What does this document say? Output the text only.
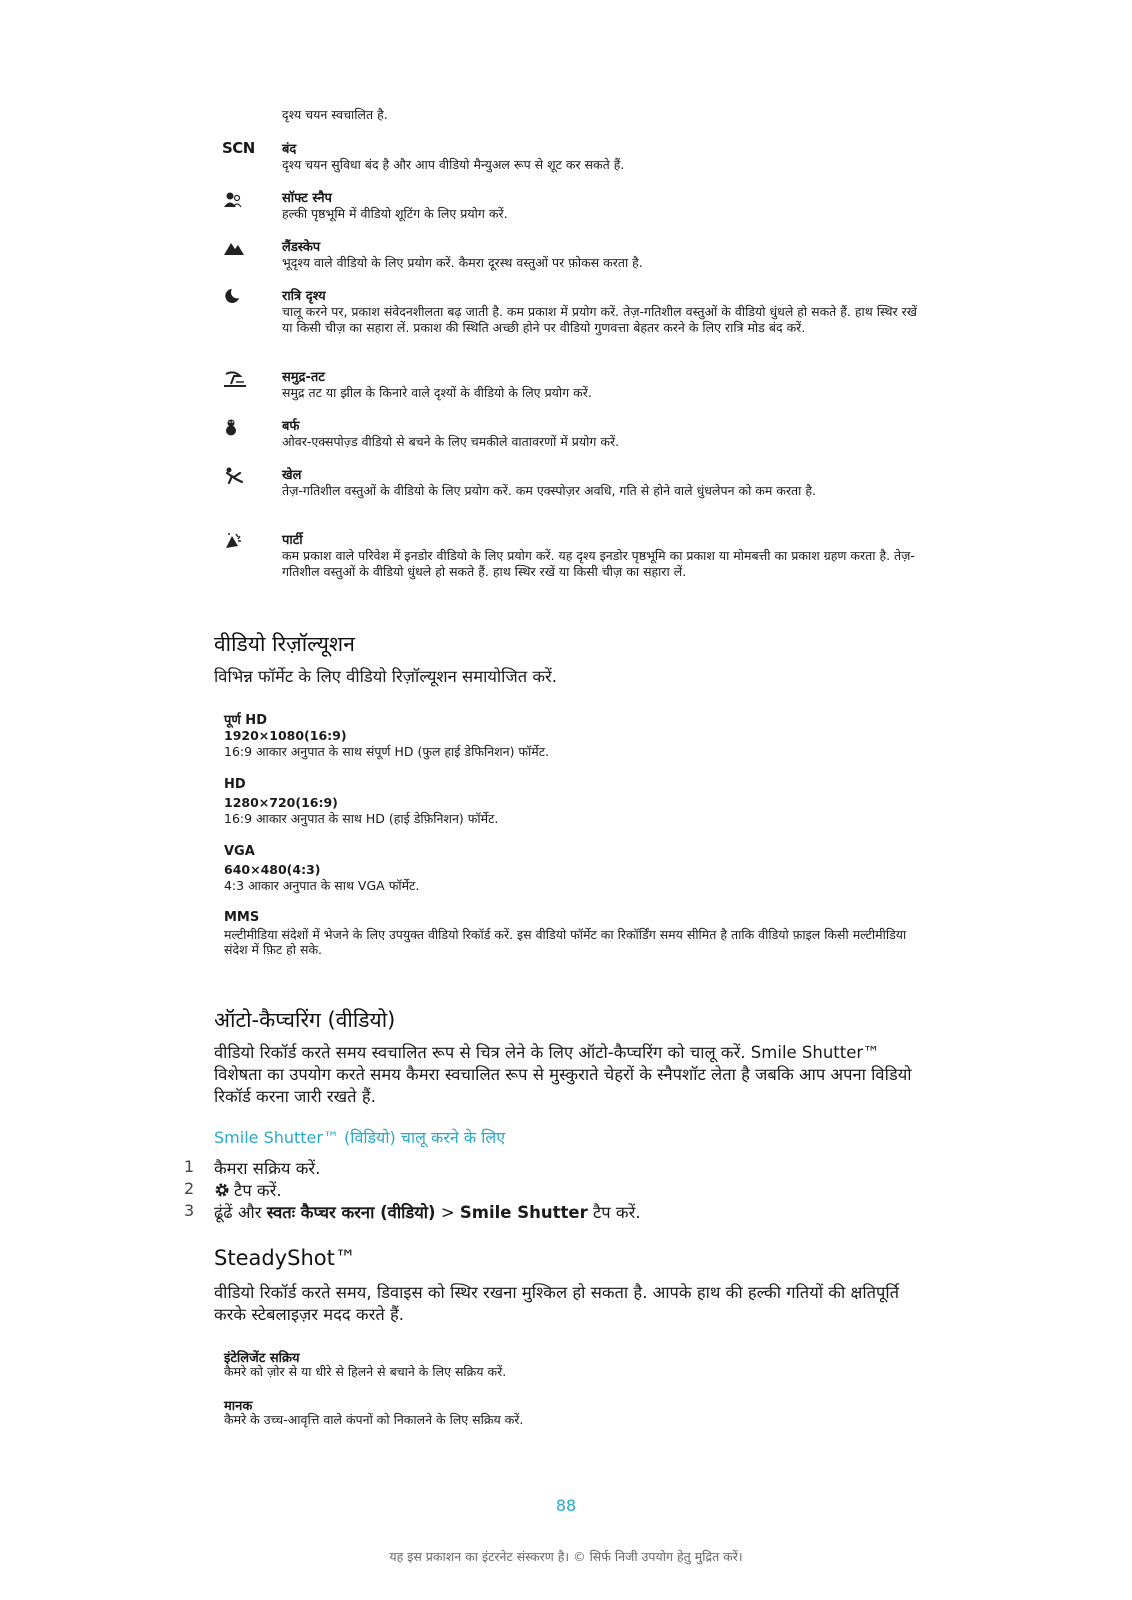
दृश्य चयन स्वचालित है.
SCN बंद
दृश्य चयन सुविधा बंद है और आप वीडियो मैन्युअल रूप से शूट कर सकते हैं.
सॉफ्ट स्नैप
हल्की पृष्ठभूमि में वीडियो शूटिंग के लिए प्रयोग करें.
लैंडस्केप
भूदृश्य वाले वीडियो के लिए प्रयोग करें. कैमरा दूरस्थ वस्तुओं पर फ़ोकस करता है.
रात्रि दृश्य
चालू करने पर, प्रकाश संवेदनशीलता बढ़ जाती है. कम प्रकाश में प्रयोग करें. तेज़-गतिशील वस्तुओं के वीडियो धुंधले हो सकते हैं. हाथ स्थिर रखें या किसी चीज़ का सहारा लें. प्रकाश की स्थिति अच्छी होने पर वीडियो गुणवत्ता बेहतर करने के लिए रात्रि मोड बंद करें.
समुद्र-तट
समुद्र तट या झील के किनारे वाले दृश्यों के वीडियो के लिए प्रयोग करें.
बर्फ
ओवर-एक्सपोज़्ड वीडियो से बचने के लिए चमकीले वातावरणों में प्रयोग करें.
खेल
तेज़-गतिशील वस्तुओं के वीडियो के लिए प्रयोग करें. कम एक्स्पोज़र अवधि, गति से होने वाले धुंधलेपन को कम करता है.
पार्टी
कम प्रकाश वाले परिवेश में इनडोर वीडियो के लिए प्रयोग करें. यह दृश्य इनडोर पृष्ठभूमि का प्रकाश या मोमबत्ती का प्रकाश ग्रहण करता है. तेज़-गतिशील वस्तुओं के वीडियो धुंधले हो सकते हैं. हाथ स्थिर रखें या किसी चीज़ का सहारा लें.
वीडियो रिज़ॉल्यूशन
विभिन्न फॉर्मेट के लिए वीडियो रिज़ॉल्यूशन समायोजित करें.
पूर्ण HD
1920×1080(16:9)
16:9 आकार अनुपात के साथ संपूर्ण HD (फुल हाई डेफिनिशन) फॉर्मेट.
HD
1280×720(16:9)
16:9 आकार अनुपात के साथ HD (हाई डेफ़िनिशन) फॉर्मेट.
VGA
640×480(4:3)
4:3 आकार अनुपात के साथ VGA फॉर्मेट.
MMS
मल्टीमीडिया संदेशों में भेजने के लिए उपयुक्त वीडियो रिकॉर्ड करें. इस वीडियो फॉर्मेट का रिकॉर्डिंग समय सीमित है ताकि वीडियो फ़ाइल किसी मल्टीमीडिया संदेश में फ़िट हो सके.
ऑटो-कैप्चरिंग (वीडियो)
वीडियो रिकॉर्ड करते समय स्वचालित रूप से चित्र लेने के लिए ऑटो-कैप्चरिंग को चालू करें. Smile Shutter™ विशेषता का उपयोग करते समय कैमरा स्वचालित रूप से मुस्कुराते चेहरों के स्नैपशॉट लेता है जबकि आप अपना विडियो रिकॉर्ड करना जारी रखते हैं.
Smile Shutter™ (विडियो) चालू करने के लिए
1 कैमरा सक्रिय करें.
2 टैप करें.
3 ढूंढें और स्वतः कैप्चर करना (वीडियो) > Smile Shutter टैप करें.
SteadyShot™
वीडियो रिकॉर्ड करते समय, डिवाइस को स्थिर रखना मुश्किल हो सकता है. आपके हाथ की हल्की गतियों की क्षतिपूर्ति करके स्टेबलाइज़र मदद करते हैं.
इंटेलिजेंट सक्रिय
कैमरे को ज़ोर से या धीरे से हिलने से बचाने के लिए सक्रिय करें.
मानक
कैमरे के उच्च-आवृत्ति वाले कंपनों को निकालने के लिए सक्रिय करें.
88
यह इस प्रकाशन का इंटरनेट संस्करण है। © सिर्फ निजी उपयोग हेतु मुद्रित करें।
